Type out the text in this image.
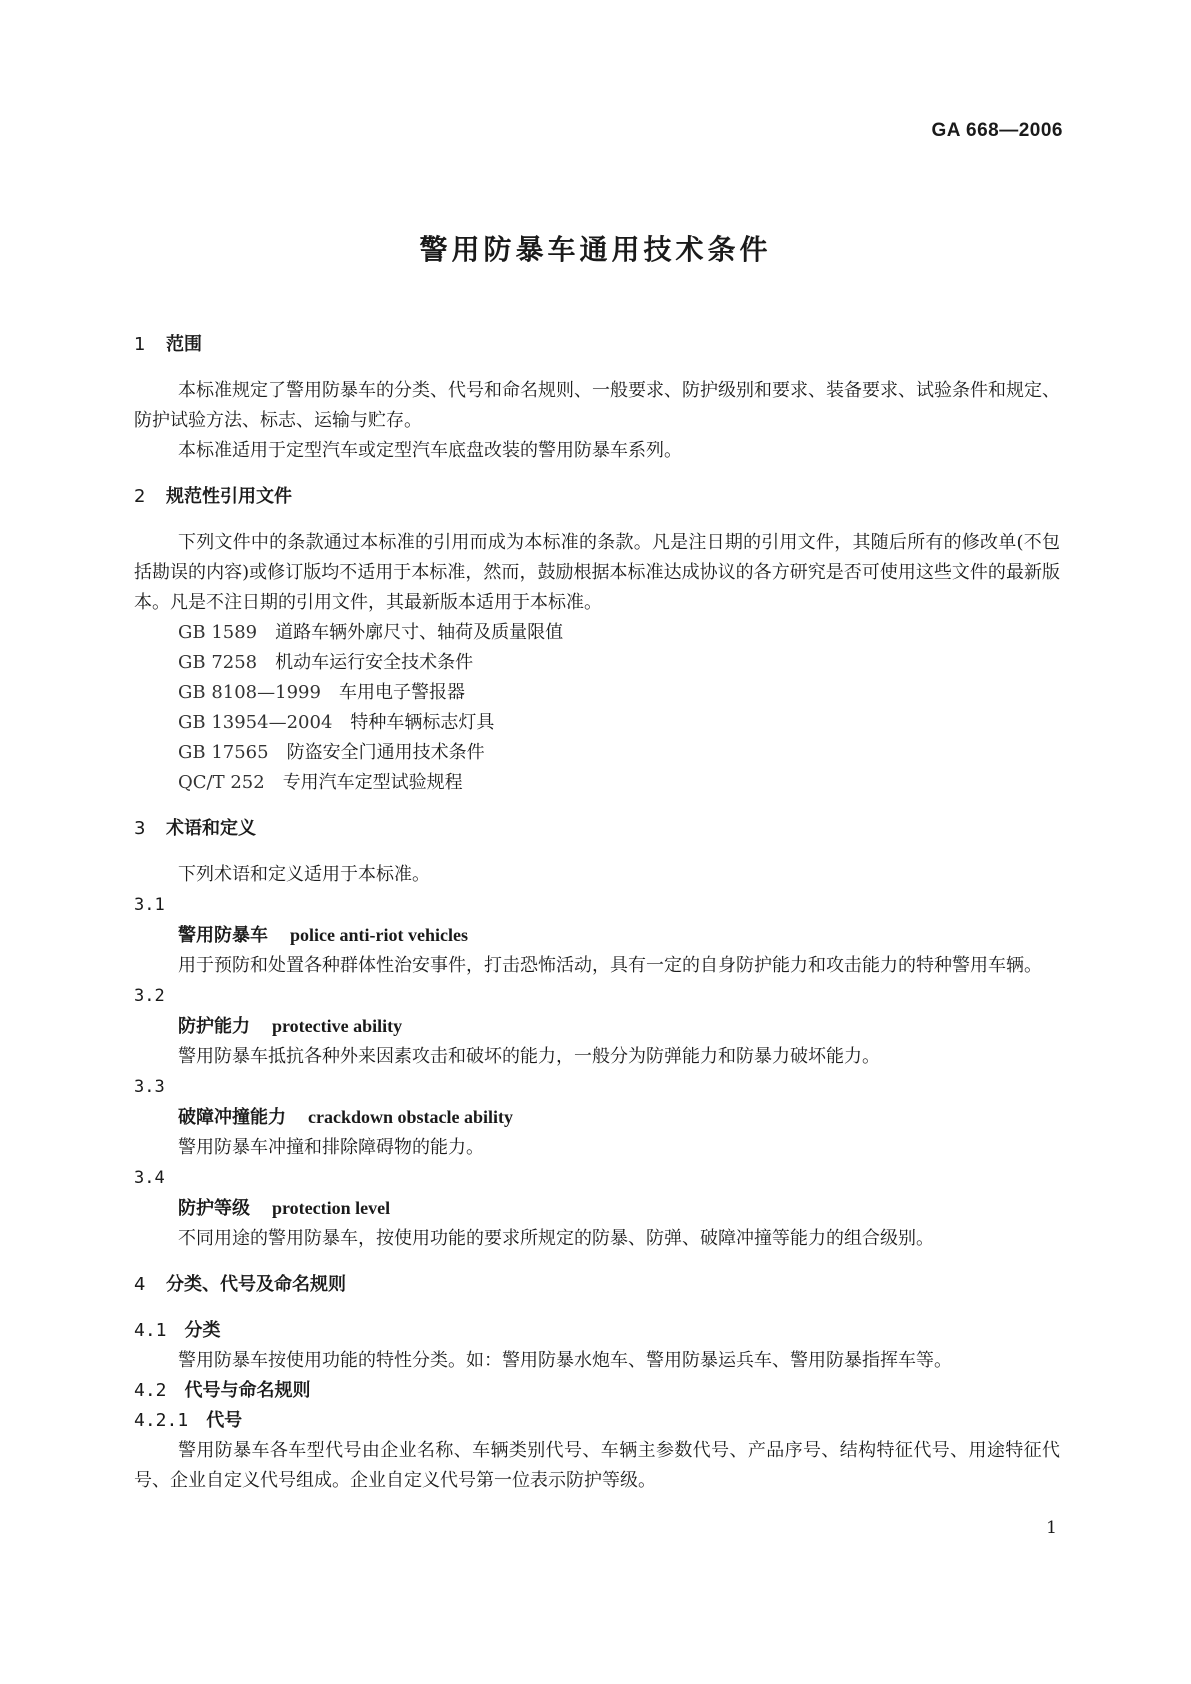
GA 668—2006
警用防暴车通用技术条件

1 范围

本标准规定了警用防暴车的分类、代号和命名规则、一般要求、防护级别和要求、装备要求、试验条件和规定、防护试验方法、标志、运输与贮存。

本标准适用于定型汽车或定型汽车底盘改装的警用防暴车系列。

2 规范性引用文件

下列文件中的条款通过本标准的引用而成为本标准的条款。凡是注日期的引用文件，其随后所有的修改单(不包括勘误的内容)或修订版均不适用于本标准，然而，鼓励根据本标准达成协议的各方研究是否可使用这些文件的最新版本。凡是不注日期的引用文件，其最新版本适用于本标准。

GB 1589 道路车辆外廓尺寸、轴荷及质量限值
GB 7258 机动车运行安全技术条件
GB 8108—1999 车用电子警报器
GB 13954—2004 特种车辆标志灯具
GB 17565 防盗安全门通用技术条件
QC/T 252 专用汽车定型试验规程

3 术语和定义

下列术语和定义适用于本标准。

3.1

警用防暴车 police anti-riot vehicles

用于预防和处置各种群体性治安事件，打击恐怖活动，具有一定的自身防护能力和攻击能力的特种警用车辆。

3.2

防护能力 protective ability

警用防暴车抵抗各种外来因素攻击和破坏的能力，一般分为防弹能力和防暴力破坏能力。

3.3

破障冲撞能力 crackdown obstacle ability

警用防暴车冲撞和排除障碍物的能力。

3.4

防护等级 protection level

不同用途的警用防暴车，按使用功能的要求所规定的防暴、防弹、破障冲撞等能力的组合级别。

4 分类、代号及命名规则

4.1 分类

警用防暴车按使用功能的特性分类。如：警用防暴水炮车、警用防暴运兵车、警用防暴指挥车等。

4.2 代号与命名规则

4.2.1 代号

警用防暴车各车型代号由企业名称、车辆类别代号、车辆主参数代号、产品序号、结构特征代号、用途特征代号、企业自定义代号组成。企业自定义代号第一位表示防护等级。

1
